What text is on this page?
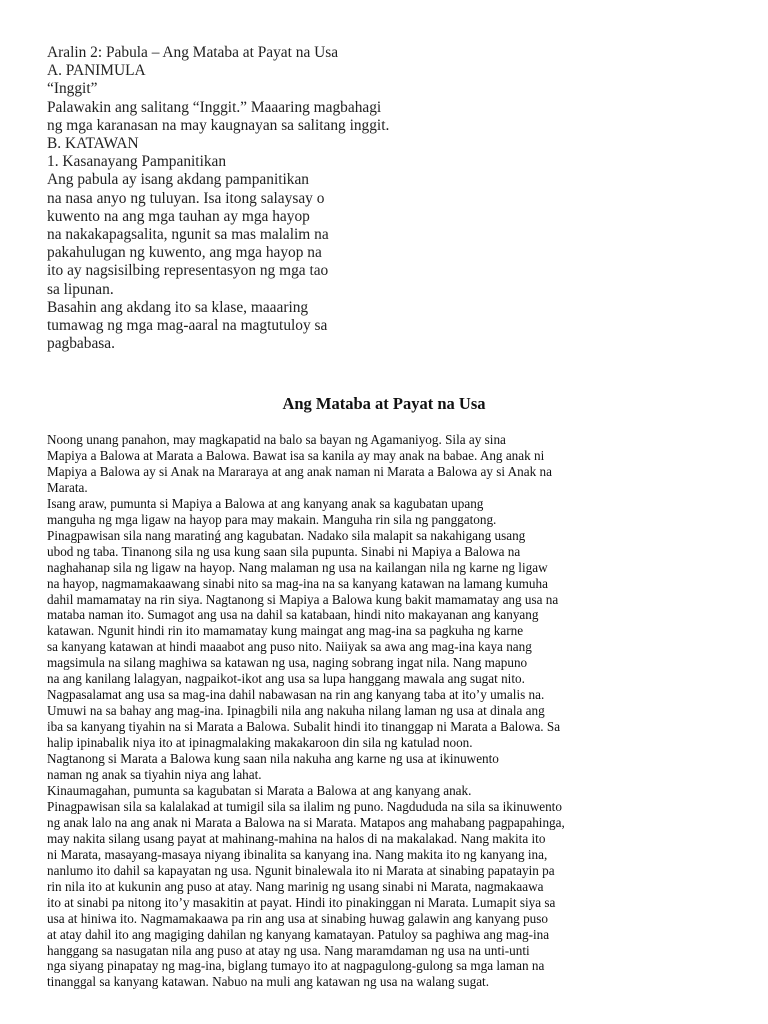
Aralin 2: Pabula – Ang Mataba at Payat na Usa
A. PANIMULA
“Inggit”
Palawakin ang salitang “Inggit.” Maaaring magbahagi
ng mga karanasan na may kaugnayan sa salitang inggit.
B. KATAWAN
1. Kasanayang Pampanitikan
Ang pabula ay isang akdang pampanitikan
na nasa anyo ng tuluyan. Isa itong salaysay o
kuwento na ang mga tauhan ay mga hayop
na nakakapagsalita, ngunit sa mas malalim na
pakahulugan ng kuwento, ang mga hayop na
ito ay nagsisilbing representasyon ng mga tao
sa lipunan.
Basahin ang akdang ito sa klase, maaaring
tumawag ng mga mag-aaral na magtutuloy sa
pagbabasa.
Ang Mataba at Payat na Usa
Noong unang panahon, may magkapatid na balo sa bayan ng Agamaniyog. Sila ay sina
Mapiya a Balowa at Marata a Balowa. Bawat isa sa kanila ay may anak na babae. Ang anak ni
Mapiya a Balowa ay si Anak na Mararaya at ang anak naman ni Marata a Balowa ay si Anak na
Marata.
Isang araw, pumunta si Mapiya a Balowa at ang kanyang anak sa kagubatan upang
manguha ng mga ligaw na hayop para may makain. Manguha rin sila ng panggatong.
Pinagpawisan sila nang maratinǵ ang kagubatan. Nadako sila malapit sa nakahigang usang
ubod ng taba. Tinanong sila ng usa kung saan sila pupunta. Sinabi ni Mapiya a Balowa na
naghahanap sila ng ligaw na hayop. Nang malaman ng usa na kailangan nila ng karne ng ligaw
na hayop, nagmamakaawang sinabi nito sa mag-ina na sa kanyang katawan na lamang kumuha
dahil mamamatay na rin siya. Nagtanong si Mapiya a Balowa kung bakit mamamatay ang usa na
mataba naman ito. Sumagot ang usa na dahil sa katabaan, hindi nito makayanan ang kanyang
katawan. Ngunit hindi rin ito mamamatay kung maingat ang mag-ina sa pagkuha ng karne
sa kanyang katawan at hindi maaabot ang puso nito. Naiiyak sa awa ang mag-ina kaya nang
magsimula na silang maghiwa sa katawan ng usa, naging sobrang ingat nila. Nang mapuno
na ang kanilang lalagyan, nagpaikot-ikot ang usa sa lupa hanggang mawala ang sugat nito.
Nagpasalamat ang usa sa mag-ina dahil nabawasan na rin ang kanyang taba at ito’y umalis na.
Umuwi na sa bahay ang mag-ina. Ipinagbili nila ang nakuha nilang laman ng usa at dinala ang
iba sa kanyang tiyahin na si Marata a Balowa. Subalit hindi ito tinanggap ni Marata a Balowa. Sa
halip ipinabalik niya ito at ipinagmalaking makakaroon din sila ng katulad noon.
Nagtanong si Marata a Balowa kung saan nila nakuha ang karne ng usa at ikinuwento
naman ng anak sa tiyahin niya ang lahat.
Kinaumagahan, pumunta sa kagubatan si Marata a Balowa at ang kanyang anak.
Pinagpawisan sila sa kalalakad at tumigil sila sa ilalim ng puno. Nagdududa na sila sa ikinuwento
ng anak lalo na ang anak ni Marata a Balowa na si Marata. Matapos ang mahabang pagpapahinga,
may nakita silang usang payat at mahinang-mahina na halos di na makalakad. Nang makita ito
ni Marata, masayang-masaya niyang ibinalita sa kanyang ina. Nang makita ito ng kanyang ina,
nanlumo ito dahil sa kapayatan ng usa. Ngunit binalewala ito ni Marata at sinabing papatayin pa
rin nila ito at kukunin ang puso at atay. Nang marinig ng usang sinabi ni Marata, nagmakaawa
ito at sinabi pa nitong ito’y masakitin at payat. Hindi ito pinakinggan ni Marata. Lumapit siya sa
usa at hiniwa ito. Nagmamakaawa pa rin ang usa at sinabing huwag galawin ang kanyang puso
at atay dahil ito ang magiging dahilan ng kanyang kamatayan. Patuloy sa paghiwa ang mag-ina
hanggang sa nasugatan nila ang puso at atay ng usa. Nang maramdaman ng usa na unti-unti
nga siyang pinapatay ng mag-ina, biglang tumayo ito at nagpagulong-gulong sa mga laman na
tinanggal sa kanyang katawan. Nabuo na muli ang katawan ng usa na walang sugat.
